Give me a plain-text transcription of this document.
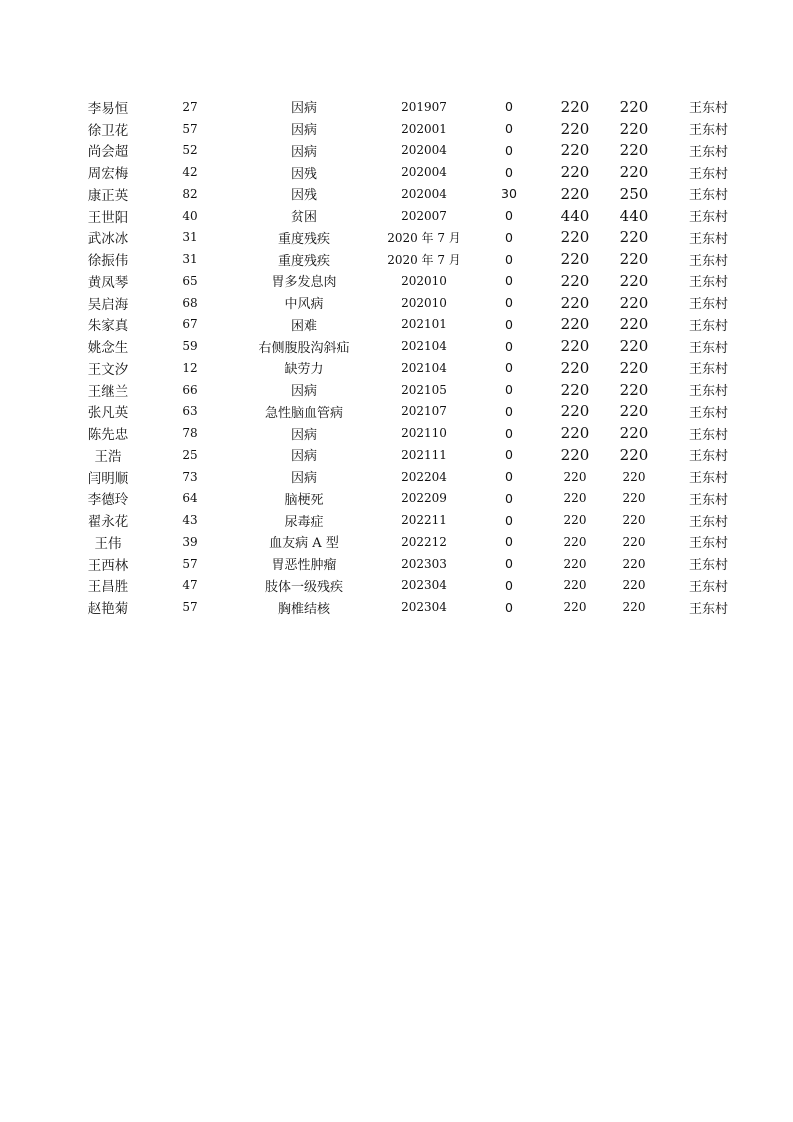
李易恒	27	因病	201907	0	220	220	王东村
徐卫花	57	因病	202001	0	220	220	王东村
尚会超	52	因病	202004	0	220	220	王东村
周宏梅	42	因残	202004	0	220	220	王东村
康正英	82	因残	202004	30	220	250	王东村
王世阳	40	贫困	202007	0	440	440	王东村
武冰冰	31	重度残疾	2020 年 7 月	0	220	220	王东村
徐振伟	31	重度残疾	2020 年 7 月	0	220	220	王东村
黄凤琴	65	胃多发息肉	202010	0	220	220	王东村
吴启海	68	中风病	202010	0	220	220	王东村
朱家真	67	困难	202101	0	220	220	王东村
姚念生	59	右侧腹股沟斜疝	202104	0	220	220	王东村
王文汐	12	缺劳力	202104	0	220	220	王东村
王继兰	66	因病	202105	0	220	220	王东村
张凡英	63	急性脑血管病	202107	0	220	220	王东村
陈先忠	78	因病	202110	0	220	220	王东村
王浩	25	因病	202111	0	220	220	王东村
闫明顺	73	因病	202204	0	220	220	王东村
李德玲	64	脑梗死	202209	0	220	220	王东村
翟永花	43	尿毒症	202211	0	220	220	王东村
王伟	39	血友病 A 型	202212	0	220	220	王东村
王西林	57	胃恶性肿瘤	202303	0	220	220	王东村
王昌胜	47	肢体一级残疾	202304	0	220	220	王东村
赵艳菊	57	胸椎结核	202304	0	220	220	王东村
